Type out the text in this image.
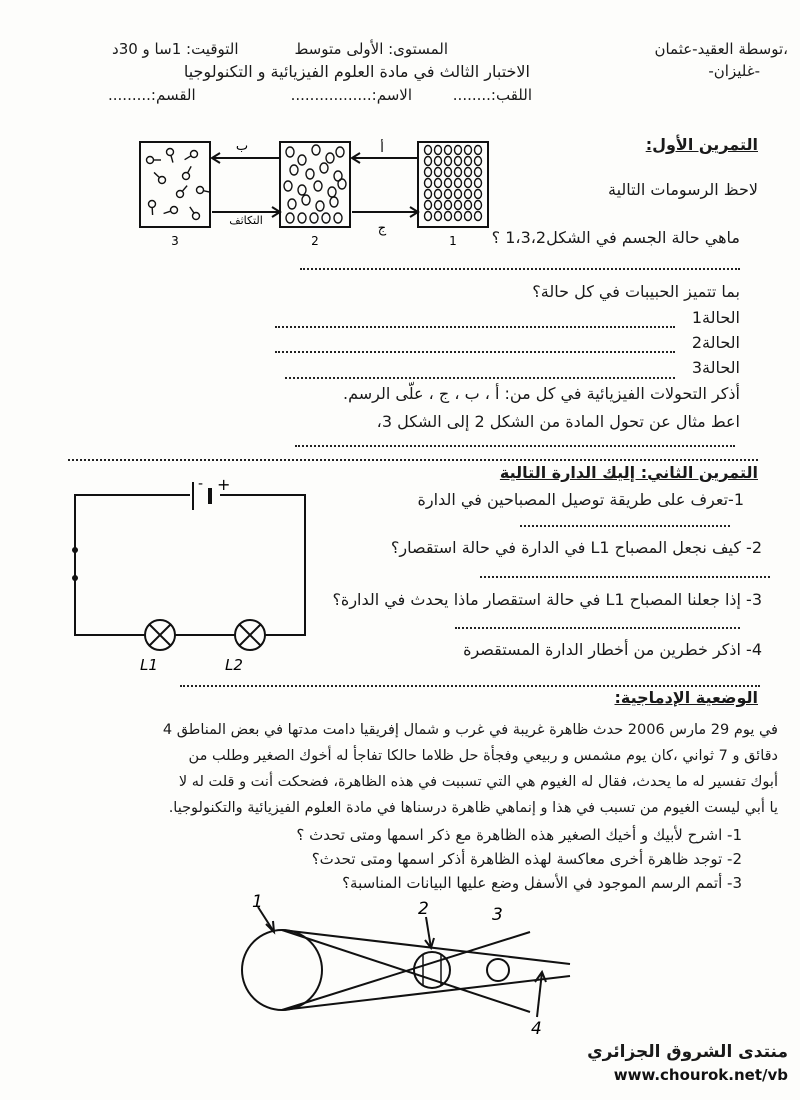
،توسطة العقيد-عثمان
-غليزان-
المستوى: الأولى متوسط
التوقيت: 1سا و 30د
الاختبار الثالث في مادة العلوم الفيزيائية و التكنولوجيا
اللقب:........
الاسم:.................
القسم:.........
التمرين الأول:
لاحظ الرسومات التالية
أ
ب
ج
التكاثف
3	2	1 ماهي حالة الجسم في الشكل1،3،2 ؟
بما تتميز الحبيبات في كل حالة؟
الحالة1
الحالة2
الحالة3
أذكر التحولات الفيزيائية في كل من: أ ، ب ، ج ، علّى الرسم.
اعط مثال عن تحول المادة من الشكل 2 إلى الشكل 3،
التمرين الثاني: إليك الدارة التالية
1-تعرف على طريقة توصيل المصباحين في الدارة
2- كيف نجعل المصباح L1 في الدارة في حالة استقصار؟
3- إذا جعلنا المصباح L1 في حالة استقصار ماذا يحدث في الدارة؟
4- اذكر خطرين من أخطار الدارة المستقصرة
- +
L1	L2
الوضعية الإدماجية:
في يوم 29 مارس 2006 حدث ظاهرة غريبة في غرب و شمال إفريقيا دامت مدتها في بعض المناطق 4
دقائق و 7 ثواني ،كان يوم مشمس و ربيعي وفجأة حل ظلاما حالكا تفاجأ له أخوك الصغير وطلب من
أبوك تفسير له ما يحدث، فقال له الغيوم هي التي تسببت في هذه الظاهرة، فضحكت أنت و قلت له لا
يا أبي ليست الغيوم من تسبب في هذا و إنماهي ظاهرة درسناها في مادة العلوم الفيزيائية والتكنولوجيا.
1- اشرح لأبيك و أخيك الصغير هذه الظاهرة مع ذكر اسمها ومتى تحدث ؟
2- توجد ظاهرة أخرى معاكسة لهذه الظاهرة أذكر اسمها ومتى تحدث؟
3- أتمم الرسم الموجود في الأسفل وضع عليها البيانات المناسبة؟
1	2	3
4
منتدى الشروق الجزائري
www.chourok.net/vb
